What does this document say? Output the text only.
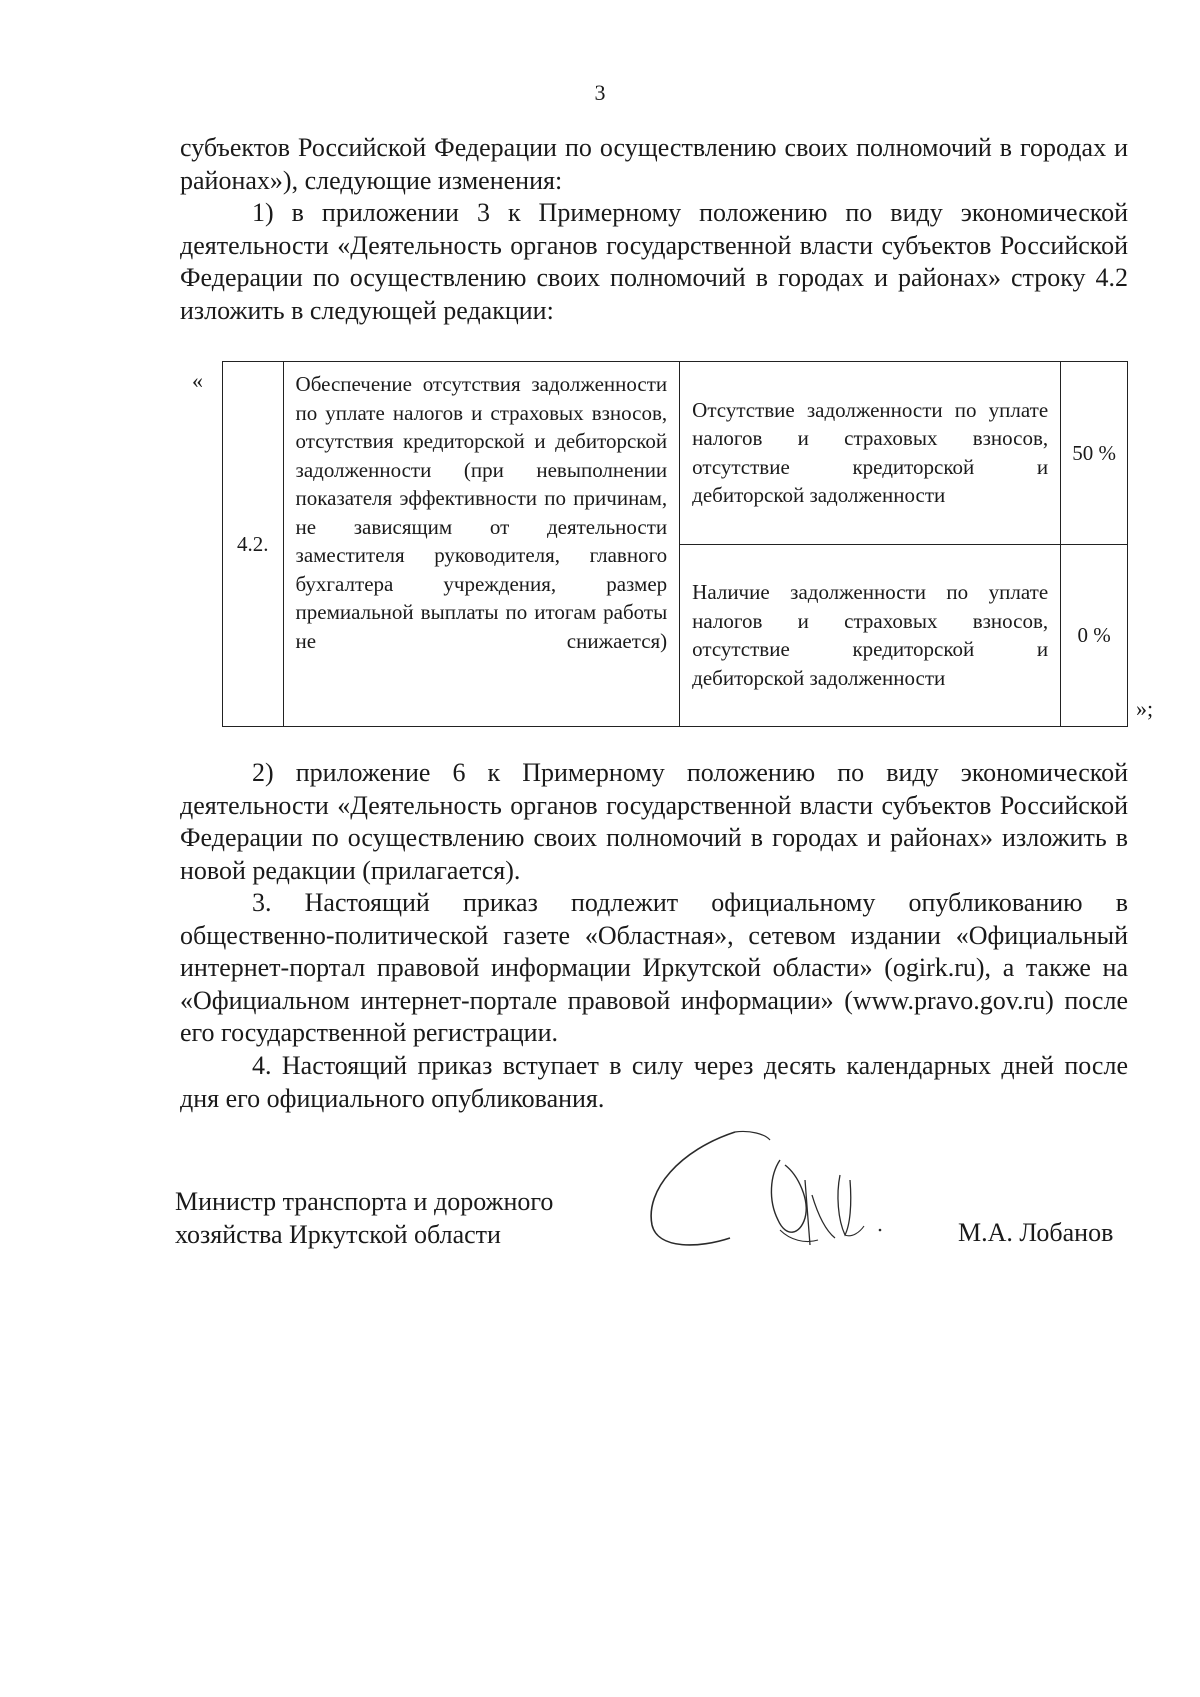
3

субъектов Российской Федерации по осуществлению своих полномочий в городах и районах»), следующие изменения:

1) в приложении 3 к Примерному положению по виду экономической деятельности «Деятельность органов государственной власти субъектов Российской Федерации по осуществлению своих полномочий в городах и районах» строку 4.2 изложить в следующей редакции:

«
4.2.	Обеспечение отсутствия задолженности по уплате налогов и страховых взносов, отсутствия кредиторской и дебиторской задолженности (при невыполнении показателя эффективности по причинам, не зависящим от деятельности заместителя руководителя, главного бухгалтера учреждения, размер премиальной выплаты по итогам работы не снижается)	Отсутствие задолженности по уплате налогов и страховых взносов, отсутствие кредиторской и дебиторской задолженности	50 %

		Наличие задолженности по уплате налогов и страховых взносов, отсутствие кредиторской и дебиторской задолженности	0 %
»;

2) приложение 6 к Примерному положению по виду экономической деятельности «Деятельность органов государственной власти субъектов Российской Федерации по осуществлению своих полномочий в городах и районах» изложить в новой редакции (прилагается).

3. Настоящий приказ подлежит официальному опубликованию в общественно-политической газете «Областная», сетевом издании «Официальный интернет-портал правовой информации Иркутской области» (ogirk.ru), а также на «Официальном интернет-портале правовой информации» (www.pravo.gov.ru) после его государственной регистрации.

4. Настоящий приказ вступает в силу через десять календарных дней после дня его официального опубликования.

Министр транспорта и дорожного
хозяйства Иркутской области	М.А. Лобанов
